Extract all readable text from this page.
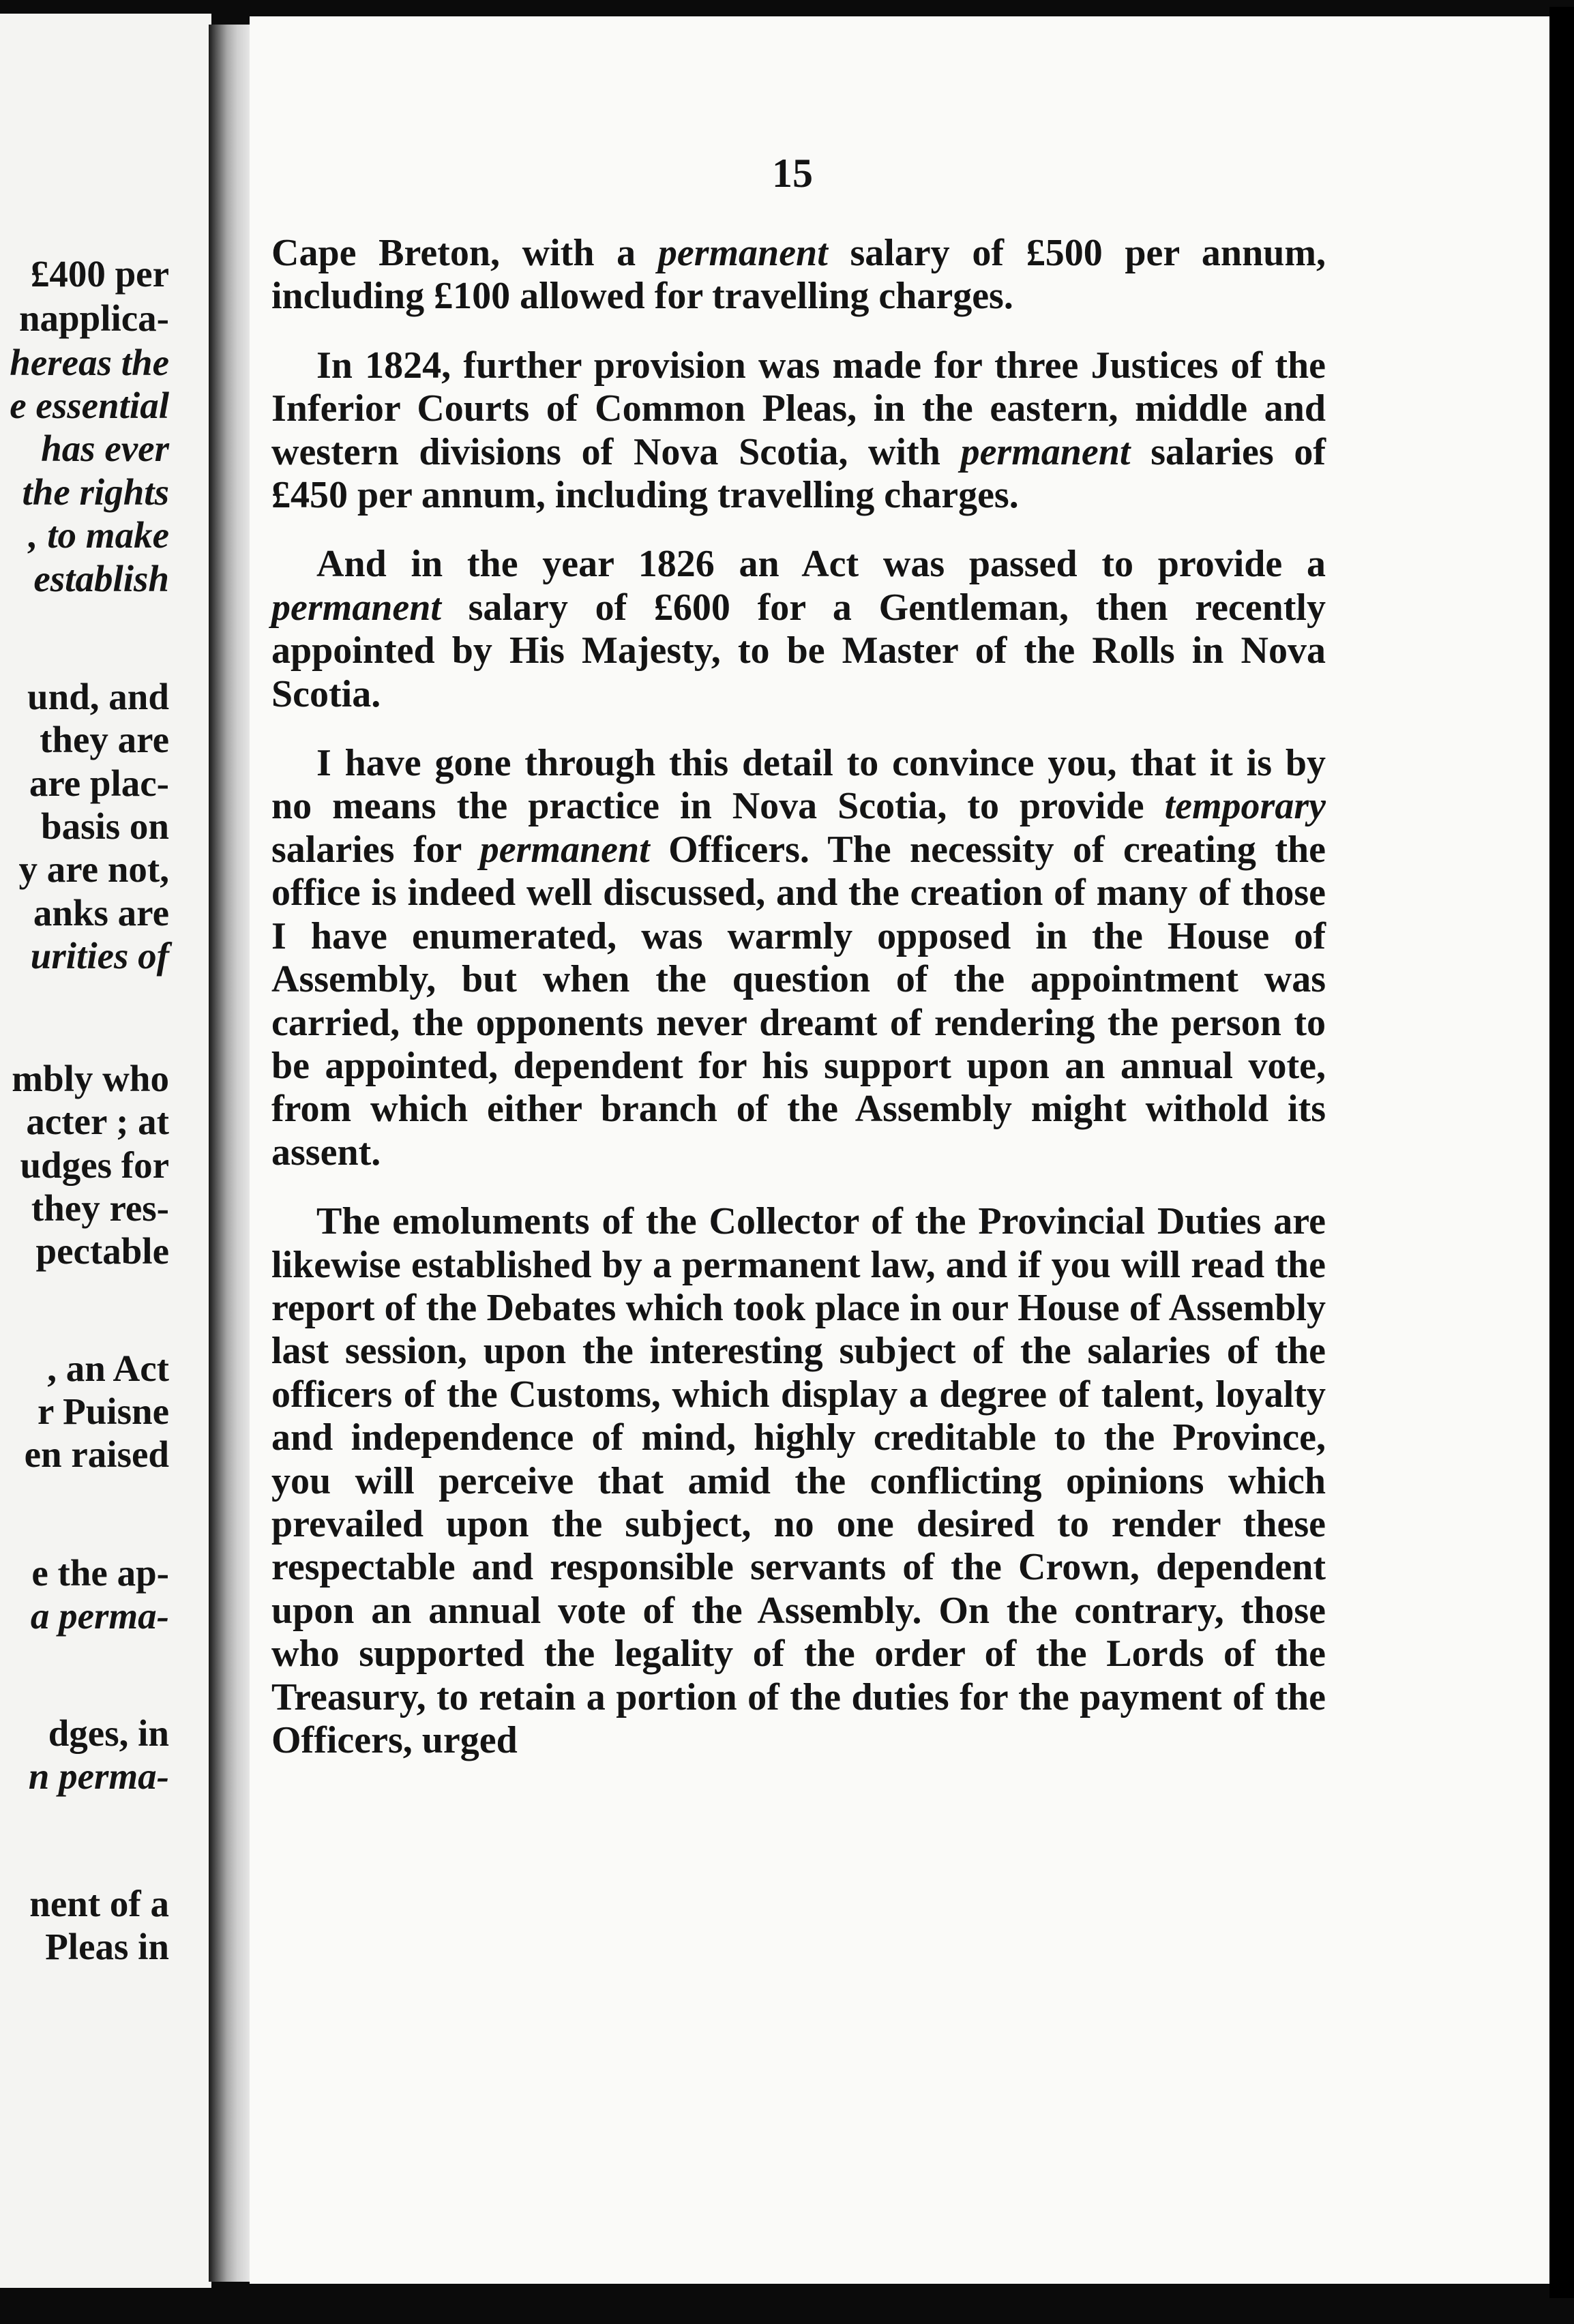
£400 per
napplica-
hereas the
e essential
has ever
the rights
, to make
establish
und, and
they are
are plac-
basis on
y are not,
anks are
urities of
mbly who
acter ; at
udges for
they res-
pectable
, an Act
r Puisne
en raised
e the ap-
a perma-
dges, in
n perma-
nent of a
Pleas in
15

Cape Breton, with a permanent salary of £500 per annum, including £100 allowed for travelling charges.

In 1824, further provision was made for three Justices of the Inferior Courts of Common Pleas, in the eastern, middle and western divisions of Nova Scotia, with permanent salaries of £450 per annum, including travelling charges.

And in the year 1826 an Act was passed to provide a permanent salary of £600 for a Gentleman, then recently appointed by His Majesty, to be Master of the Rolls in Nova Scotia.

I have gone through this detail to convince you, that it is by no means the practice in Nova Scotia, to provide temporary salaries for permanent Officers. The necessity of creating the office is indeed well discussed, and the creation of many of those I have enumerated, was warmly opposed in the House of Assembly, but when the question of the appointment was carried, the opponents never dreamt of rendering the person to be appointed, dependent for his support upon an annual vote, from which either branch of the Assembly might withold its assent.

The emoluments of the Collector of the Provincial Duties are likewise established by a permanent law, and if you will read the report of the Debates which took place in our House of Assembly last session, upon the interesting subject of the salaries of the officers of the Customs, which display a degree of talent, loyalty and independence of mind, highly creditable to the Province, you will perceive that amid the conflicting opinions which prevailed upon the subject, no one desired to render these respectable and responsible servants of the Crown, dependent upon an annual vote of the Assembly. On the contrary, those who supported the legality of the order of the Lords of the Treasury, to retain a portion of the duties for the payment of the Officers, urged
